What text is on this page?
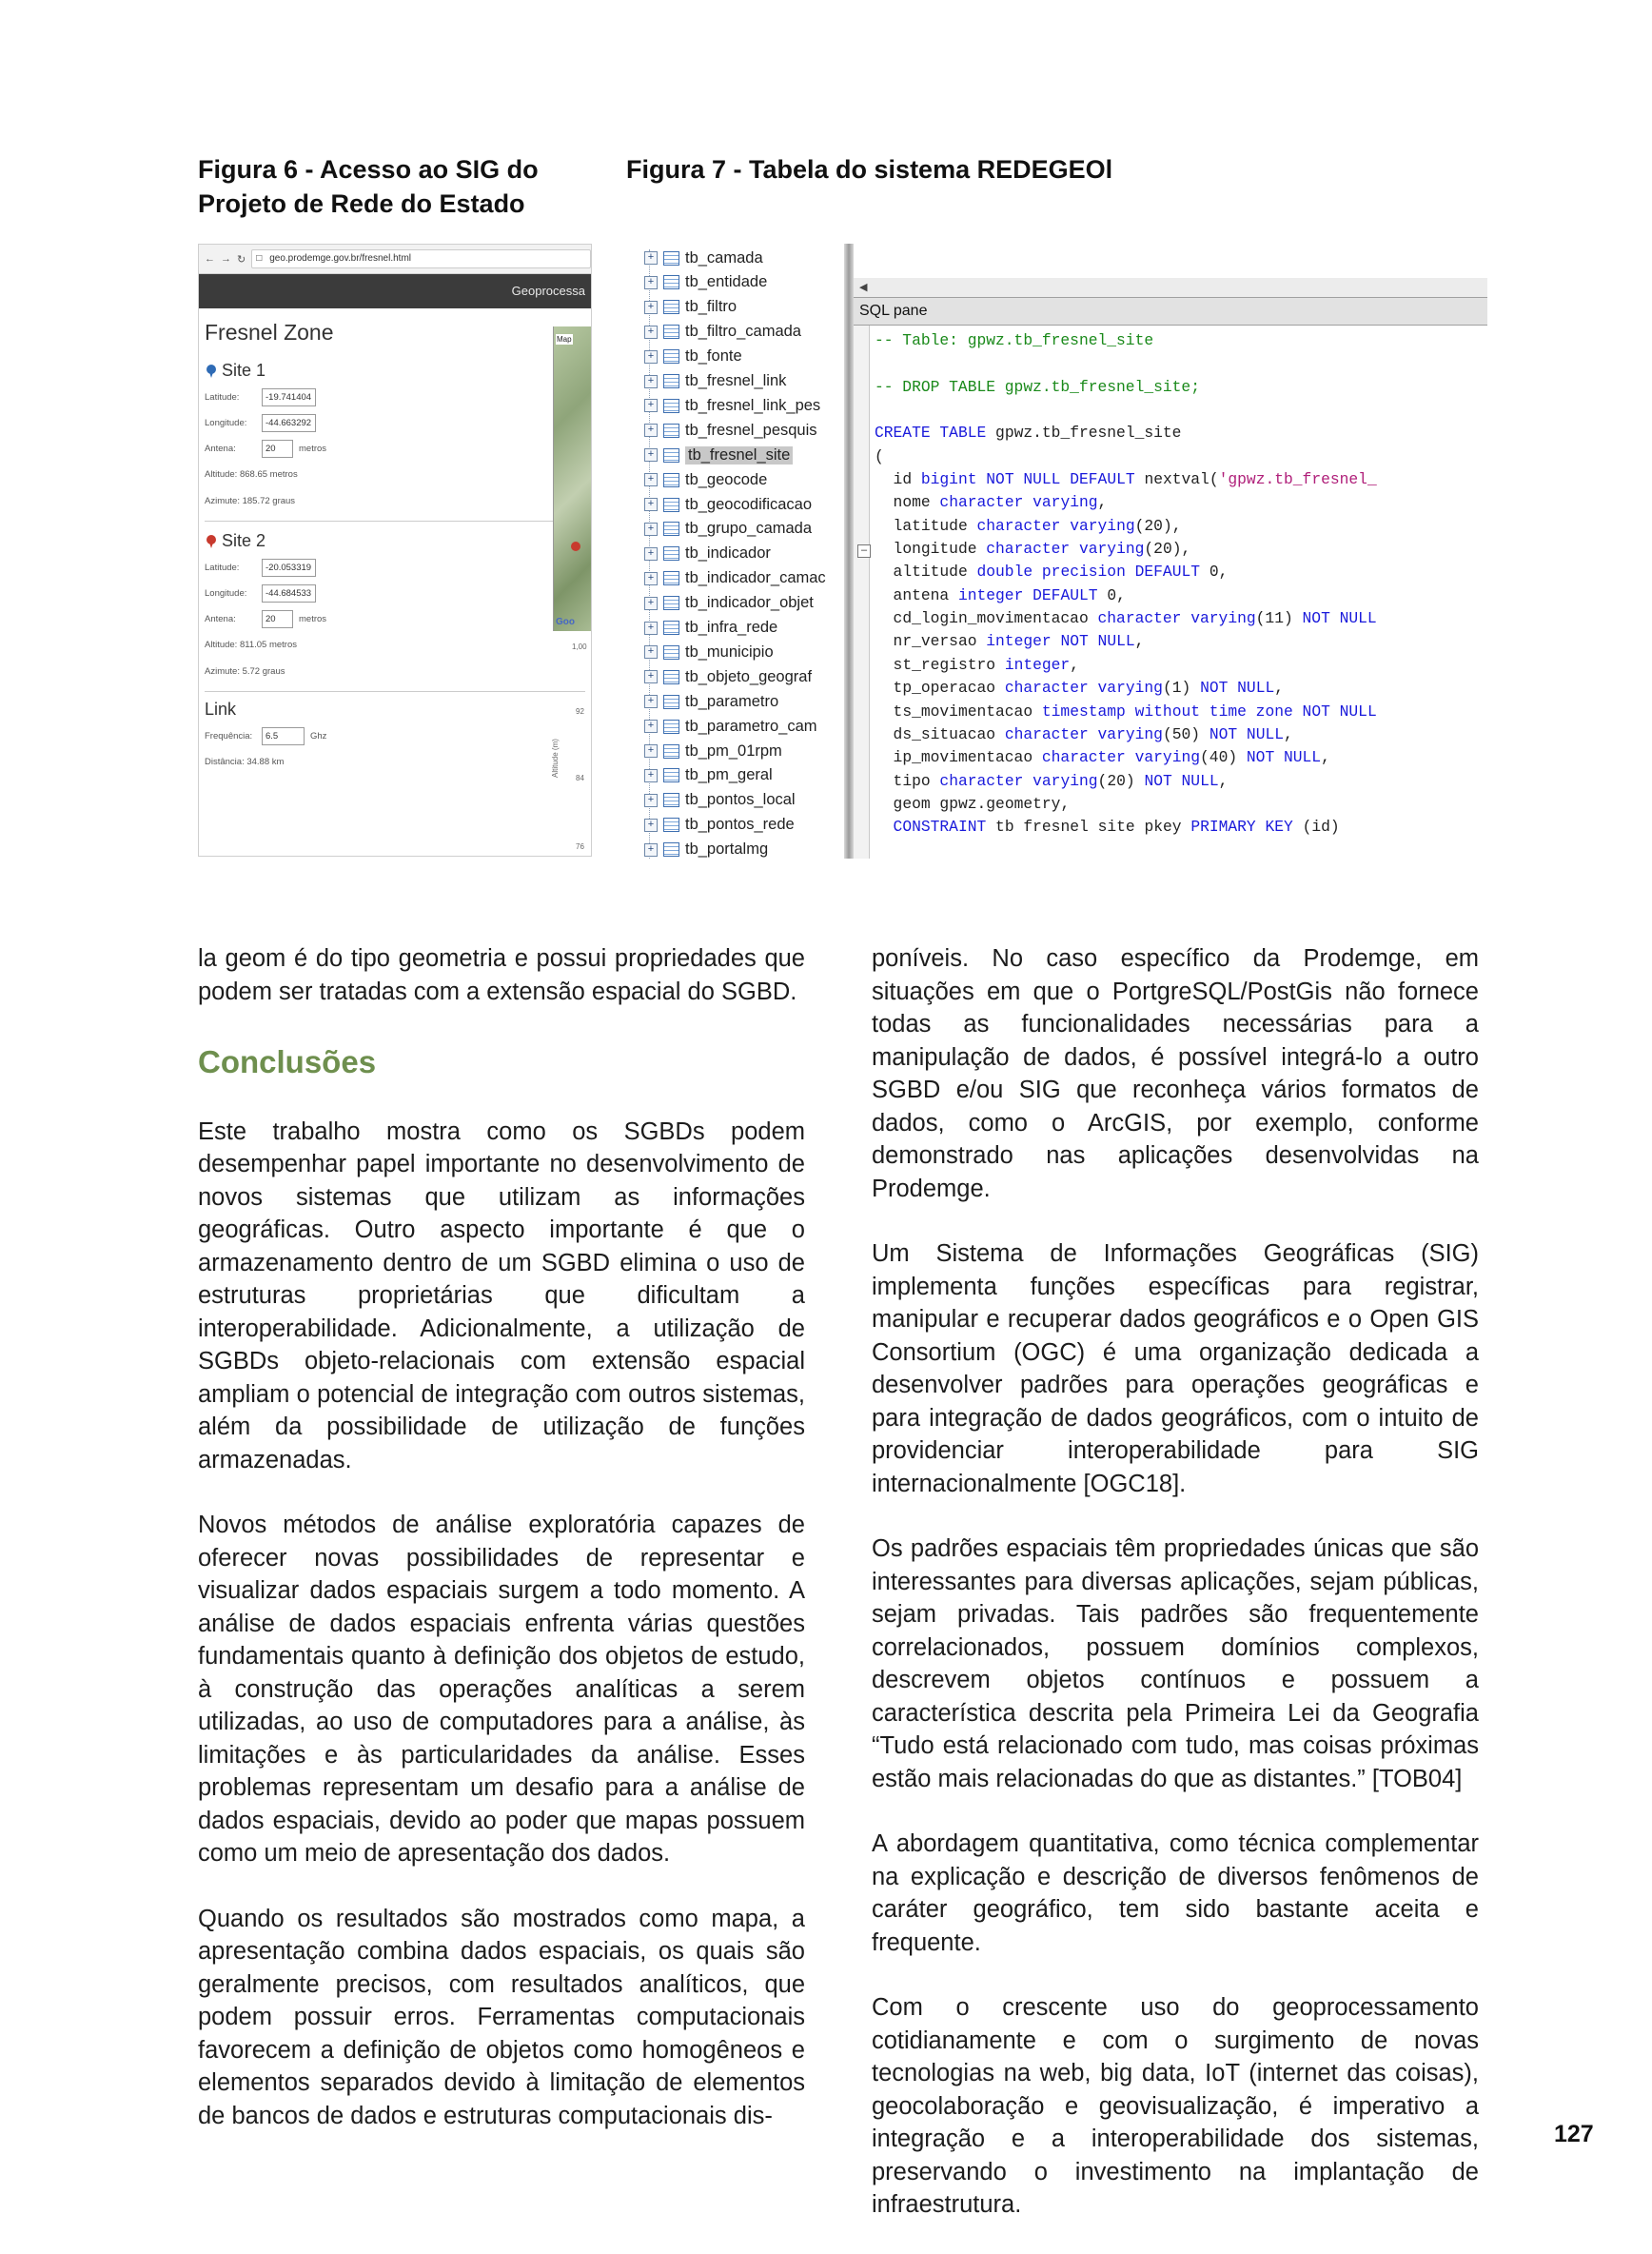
Figura 6 - Acesso ao SIG do
Projeto de Rede do Estado
Figura 7 - Tabela do sistema REDEGEOl
← → ↻ □ geo.prodemge.gov.br/fresnel.html
Geoprocessa
Fresnel Zone
Site 1
Latitude:	-19.741404
Longitude:	-44.663292
Antena:	20	metros
Altitude: 868.65 metros
Azimute: 185.72 graus
Site 2
Latitude:	-20.053319
Longitude:	-44.684533
Antena:	20	metros
Altitude: 811.05 metros
Azimute: 5.72 graus
Link
Frequência:	6.5	Ghz
Distância: 34.88 km
Map
Goo
1,00
92
84
76
Altitude (m)
+ tb_camada
+ tb_entidade
+ tb_filtro
+ tb_filtro_camada
+ tb_fonte
+ tb_fresnel_link
+ tb_fresnel_link_pes
+ tb_fresnel_pesquis
+ tb_fresnel_site
+ tb_geocode
+ tb_geocodificacao
+ tb_grupo_camada
+ tb_indicador
+ tb_indicador_camac
+ tb_indicador_objet
+ tb_infra_rede
+ tb_municipio
+ tb_objeto_geograf
+ tb_parametro
+ tb_parametro_cam
+ tb_pm_01rpm
+ tb_pm_geral
+ tb_pontos_local
+ tb_pontos_rede
+ tb_portalmg
◀
SQL pane
–
-- Table: gpwz.tb_fresnel_site

-- DROP TABLE gpwz.tb_fresnel_site;

CREATE TABLE gpwz.tb_fresnel_site
(
id bigint NOT NULL DEFAULT nextval('gpwz.tb_fresnel_
nome character varying,
latitude character varying(20),
longitude character varying(20),
altitude double precision DEFAULT 0,
antena integer DEFAULT 0,
cd_login_movimentacao character varying(11) NOT NULL
nr_versao integer NOT NULL,
st_registro integer,
tp_operacao character varying(1) NOT NULL,
ts_movimentacao timestamp without time zone NOT NULL
ds_situacao character varying(50) NOT NULL,
ip_movimentacao character varying(40) NOT NULL,
tipo character varying(20) NOT NULL,
geom gpwz.geometry,
CONSTRAINT tb fresnel site pkey PRIMARY KEY (id)

la geom é do tipo geometria e possui propriedades que podem ser tratadas com a extensão espacial do SGBD.

Conclusões

Este trabalho mostra como os SGBDs podem desempenhar papel importante no desenvolvimento de novos sistemas que utilizam as informações geográficas. Outro aspecto importante é que o armazenamento dentro de um SGBD elimina o uso de estruturas proprietárias que dificultam a interoperabilidade. Adicionalmente, a utilização de SGBDs objeto-relacionais com extensão espacial ampliam o potencial de integração com outros sistemas, além da possibilidade de utilização de funções armazenadas.

Novos métodos de análise exploratória capazes de oferecer novas possibilidades de representar e visualizar dados espaciais surgem a todo momento. A análise de dados espaciais enfrenta várias questões fundamentais quanto à definição dos objetos de estudo, à construção das operações analíticas a serem utilizadas, ao uso de computadores para a análise, às limitações e às particularidades da análise. Esses problemas representam um desafio para a análise de dados espaciais, devido ao poder que mapas possuem como um meio de apresentação dos dados.

Quando os resultados são mostrados como mapa, a apresentação combina dados espaciais, os quais são geralmente precisos, com resultados analíticos, que podem possuir erros. Ferramentas computacionais favorecem a definição de objetos como homogêneos e elementos separados devido à limitação de elementos de bancos de dados e estruturas computacionais dis-

poníveis. No caso específico da Prodemge, em situações em que o PortgreSQL/PostGis não fornece todas as funcionalidades necessárias para a manipulação de dados, é possível integrá-lo a outro SGBD e/ou SIG que reconheça vários formatos de dados, como o ArcGIS, por exemplo, conforme demonstrado nas aplicações desenvolvidas na Prodemge.

Um Sistema de Informações Geográficas (SIG) implementa funções específicas para registrar, manipular e recuperar dados geográficos e o Open GIS Consortium (OGC) é uma organização dedicada a desenvolver padrões para operações geográficas e para integração de dados geográficos, com o intuito de providenciar interoperabilidade para SIG internacionalmente [OGC18].

Os padrões espaciais têm propriedades únicas que são interessantes para diversas aplicações, sejam públicas, sejam privadas. Tais padrões são frequentemente correlacionados, possuem domínios complexos, descrevem objetos contínuos e possuem a característica descrita pela Primeira Lei da Geografia “Tudo está relacionado com tudo, mas coisas próximas estão mais relacionadas do que as distantes.” [TOB04]

A abordagem quantitativa, como técnica complementar na explicação e descrição de diversos fenômenos de caráter geográfico, tem sido bastante aceita e frequente.

Com o crescente uso do geoprocessamento cotidianamente e com o surgimento de novas tecnologias na web, big data, IoT (internet das coisas), geocolaboração e geovisualização, é imperativo a integração e a interoperabilidade dos sistemas, preservando o investimento na implantação de infraestrutura.

127
